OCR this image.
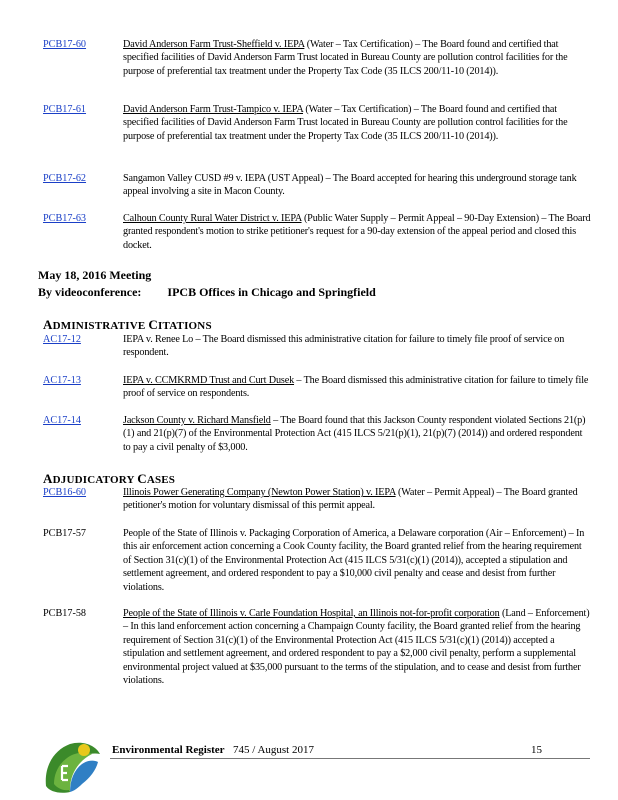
PCB17-60	David Anderson Farm Trust-Sheffield v. IEPA (Water – Tax Certification) – The Board found and certified that specified facilities of David Anderson Farm Trust located in Bureau County are pollution control facilities for the purpose of preferential tax treatment under the Property Tax Code (35 ILCS 200/11-10 (2014)).
PCB17-61	David Anderson Farm Trust-Tampico v. IEPA (Water – Tax Certification) – The Board found and certified that specified facilities of David Anderson Farm Trust located in Bureau County are pollution control facilities for the purpose of preferential tax treatment under the Property Tax Code (35 ILCS 200/11-10 (2014)).
PCB17-62	Sangamon Valley CUSD #9 v. IEPA (UST Appeal) – The Board accepted for hearing this underground storage tank appeal involving a site in Macon County.
PCB17-63	Calhoun County Rural Water District v. IEPA (Public Water Supply – Permit Appeal – 90-Day Extension) – The Board granted respondent's motion to strike petitioner's request for a 90-day extension of the appeal period and closed this docket.
May 18, 2016 Meeting
By videoconference: IPCB Offices in Chicago and Springfield
ADMINISTRATIVE CITATIONS
AC17-12	IEPA v. Renee Lo – The Board dismissed this administrative citation for failure to timely file proof of service on respondent.
AC17-13	IEPA v. CCMKRMD Trust and Curt Dusek – The Board dismissed this administrative citation for failure to timely file proof of service on respondents.
AC17-14	Jackson County v. Richard Mansfield – The Board found that this Jackson County respondent violated Sections 21(p)(1) and 21(p)(7) of the Environmental Protection Act (415 ILCS 5/21(p)(1), 21(p)(7) (2014)) and ordered respondent to pay a civil penalty of $3,000.
ADJUDICATORY CASES
PCB16-60	Illinois Power Generating Company (Newton Power Station) v. IEPA (Water – Permit Appeal) – The Board granted petitioner's motion for voluntary dismissal of this permit appeal.
PCB17-57	People of the State of Illinois v. Packaging Corporation of America, a Delaware corporation (Air – Enforcement) – In this air enforcement action concerning a Cook County facility, the Board granted relief from the hearing requirement of Section 31(c)(1) of the Environmental Protection Act (415 ILCS 5/31(c)(1) (2014)), accepted a stipulation and settlement agreement, and ordered respondent to pay a $10,000 civil penalty and cease and desist from further violations.
PCB17-58	People of the State of Illinois v. Carle Foundation Hospital, an Illinois not-for-profit corporation (Land – Enforcement) – In this land enforcement action concerning a Champaign County facility, the Board granted relief from the hearing requirement of Section 31(c)(1) of the Environmental Protection Act (415 ILCS 5/31(c)(1) (2014)) accepted a stipulation and settlement agreement, and ordered respondent to pay a $2,000 civil penalty, perform a supplemental environmental project valued at $35,000 pursuant to the terms of the stipulation, and to cease and desist from further violations.
Environmental Register 745 / August 2017	15
